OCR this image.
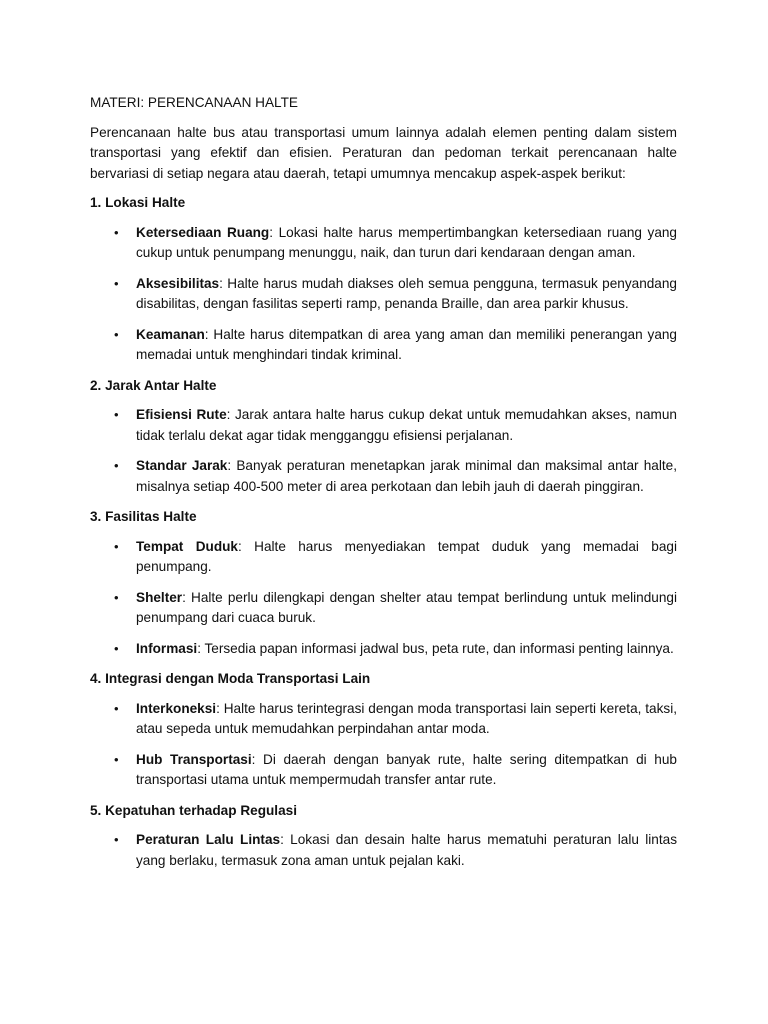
MATERI: PERENCANAAN HALTE

Perencanaan halte bus atau transportasi umum lainnya adalah elemen penting dalam sistem transportasi yang efektif dan efisien. Peraturan dan pedoman terkait perencanaan halte bervariasi di setiap negara atau daerah, tetapi umumnya mencakup aspek-aspek berikut:

1. Lokasi Halte

• Ketersediaan Ruang: Lokasi halte harus mempertimbangkan ketersediaan ruang yang cukup untuk penumpang menunggu, naik, dan turun dari kendaraan dengan aman.
• Aksesibilitas: Halte harus mudah diakses oleh semua pengguna, termasuk penyandang disabilitas, dengan fasilitas seperti ramp, penanda Braille, dan area parkir khusus.
• Keamanan: Halte harus ditempatkan di area yang aman dan memiliki penerangan yang memadai untuk menghindari tindak kriminal.

2. Jarak Antar Halte

• Efisiensi Rute: Jarak antara halte harus cukup dekat untuk memudahkan akses, namun tidak terlalu dekat agar tidak mengganggu efisiensi perjalanan.
• Standar Jarak: Banyak peraturan menetapkan jarak minimal dan maksimal antar halte, misalnya setiap 400-500 meter di area perkotaan dan lebih jauh di daerah pinggiran.

3. Fasilitas Halte

• Tempat Duduk: Halte harus menyediakan tempat duduk yang memadai bagi penumpang.
• Shelter: Halte perlu dilengkapi dengan shelter atau tempat berlindung untuk melindungi penumpang dari cuaca buruk.
• Informasi: Tersedia papan informasi jadwal bus, peta rute, dan informasi penting lainnya.

4. Integrasi dengan Moda Transportasi Lain

• Interkoneksi: Halte harus terintegrasi dengan moda transportasi lain seperti kereta, taksi, atau sepeda untuk memudahkan perpindahan antar moda.
• Hub Transportasi: Di daerah dengan banyak rute, halte sering ditempatkan di hub transportasi utama untuk mempermudah transfer antar rute.

5. Kepatuhan terhadap Regulasi

• Peraturan Lalu Lintas: Lokasi dan desain halte harus mematuhi peraturan lalu lintas yang berlaku, termasuk zona aman untuk pejalan kaki.
